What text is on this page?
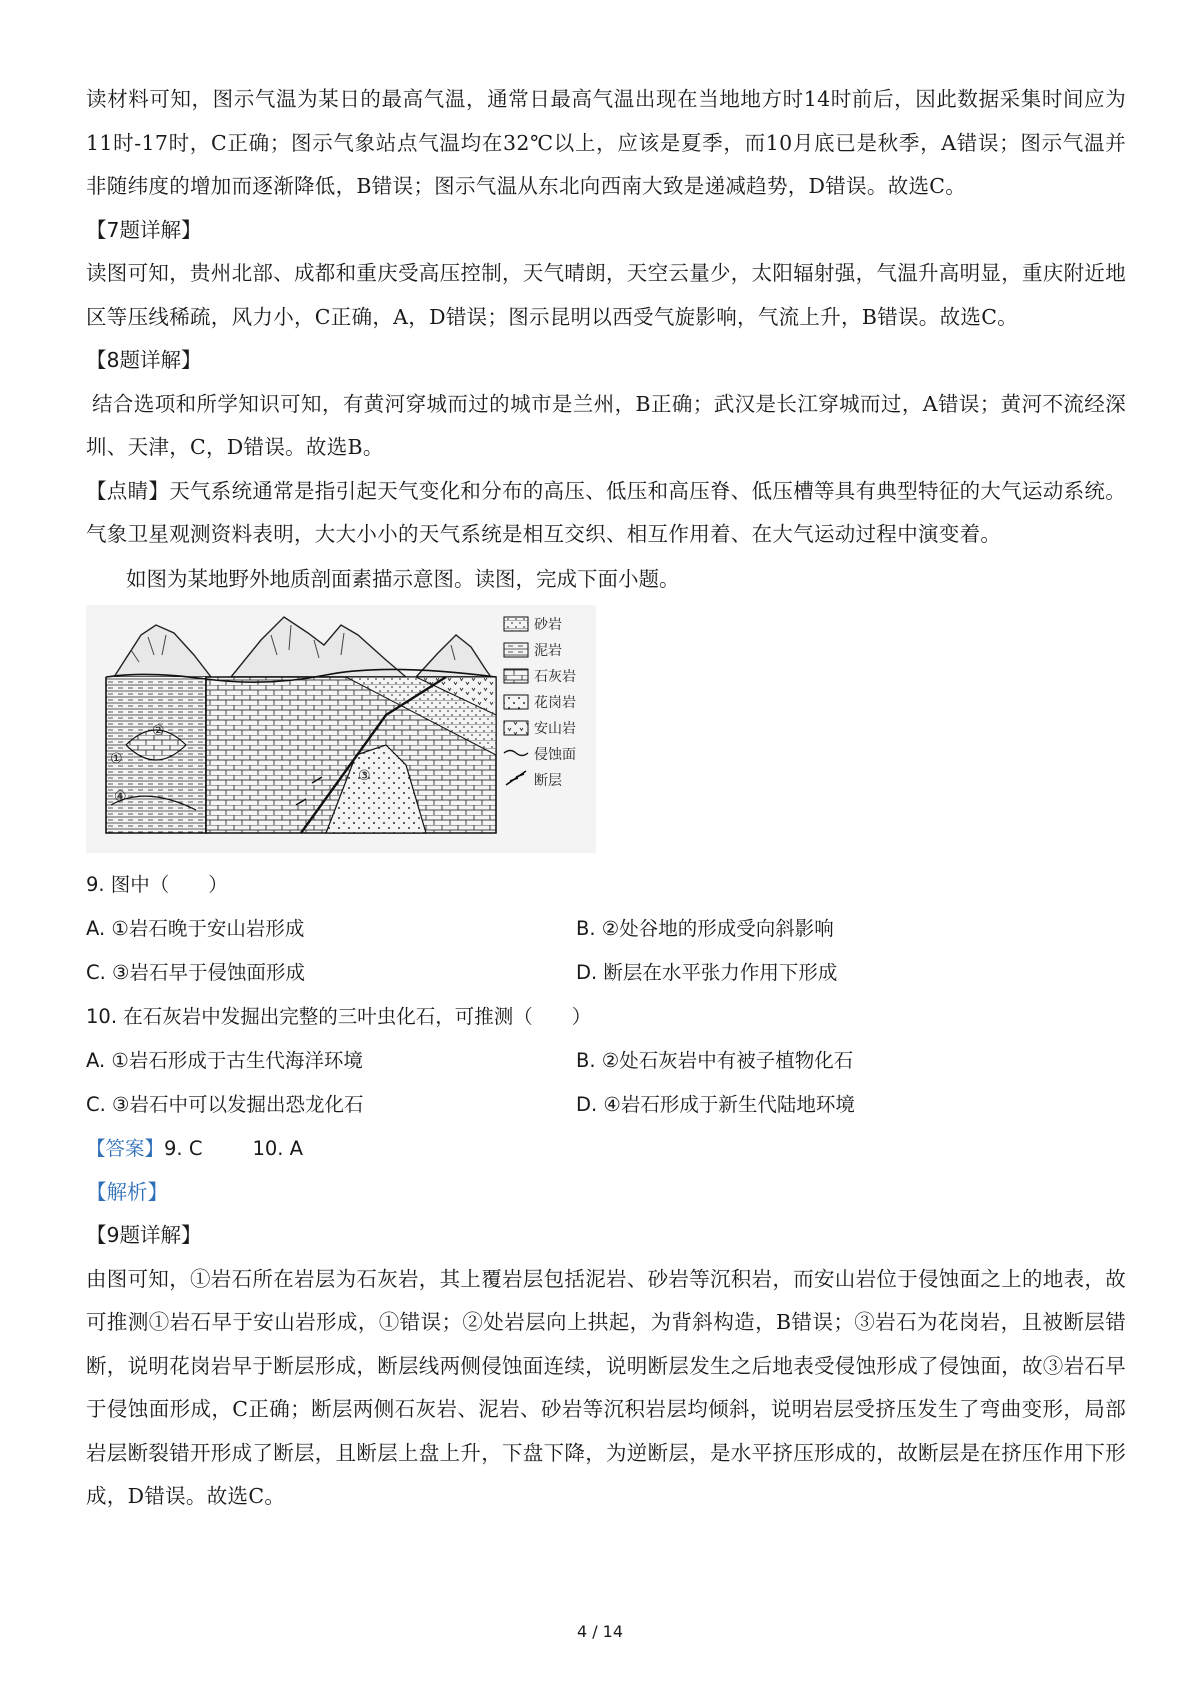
读材料可知，图示气温为某日的最高气温，通常日最高气温出现在当地地方时14时前后，因此数据采集时间应为11时-17时，C正确；图示气象站点气温均在32℃以上，应该是夏季，而10月底已是秋季，A错误；图示气温并非随纬度的增加而逐渐降低，B错误；图示气温从东北向西南大致是递减趋势，D错误。故选C。

【7题详解】

读图可知，贵州北部、成都和重庆受高压控制，天气晴朗，天空云量少，太阳辐射强，气温升高明显，重庆附近地区等压线稀疏，风力小，C正确，A，D错误；图示昆明以西受气旋影响，气流上升，B错误。故选C。

【8题详解】

结合选项和所学知识可知，有黄河穿城而过的城市是兰州，B正确；武汉是长江穿城而过，A错误；黄河不流经深圳、天津，C，D错误。故选B。

【点睛】天气系统通常是指引起天气变化和分布的高压、低压和高压脊、低压槽等具有典型特征的大气运动系统。气象卫星观测资料表明，大大小小的天气系统是相互交织、相互作用着、在大气运动过程中演变着。

如图为某地野外地质剖面素描示意图。读图，完成下面小题。

①
②
③
④
砂岩
泥岩
石灰岩
花岗岩
安山岩
侵蚀面
断层

9. 图中（　　）

A. ①岩石晚于安山岩形成	B. ②处谷地的形成受向斜影响
C. ③岩石早于侵蚀面形成	D. 断层在水平张力作用下形成

10. 在石灰岩中发掘出完整的三叶虫化石，可推测（　　）

A. ①岩石形成于古生代海洋环境	B. ②处石灰岩中有被子植物化石
C. ③岩石中可以发掘出恐龙化石	D. ④岩石形成于新生代陆地环境

【答案】9. C	10. A

【解析】

【9题详解】

由图可知，①岩石所在岩层为石灰岩，其上覆岩层包括泥岩、砂岩等沉积岩，而安山岩位于侵蚀面之上的地表，故可推测①岩石早于安山岩形成，①错误；②处岩层向上拱起，为背斜构造，B错误；③岩石为花岗岩，且被断层错断，说明花岗岩早于断层形成，断层线两侧侵蚀面连续，说明断层发生之后地表受侵蚀形成了侵蚀面，故③岩石早于侵蚀面形成，C正确；断层两侧石灰岩、泥岩、砂岩等沉积岩层均倾斜，说明岩层受挤压发生了弯曲变形，局部岩层断裂错开形成了断层，且断层上盘上升，下盘下降，为逆断层，是水平挤压形成的，故断层是在挤压作用下形成，D错误。故选C。

4 / 14
